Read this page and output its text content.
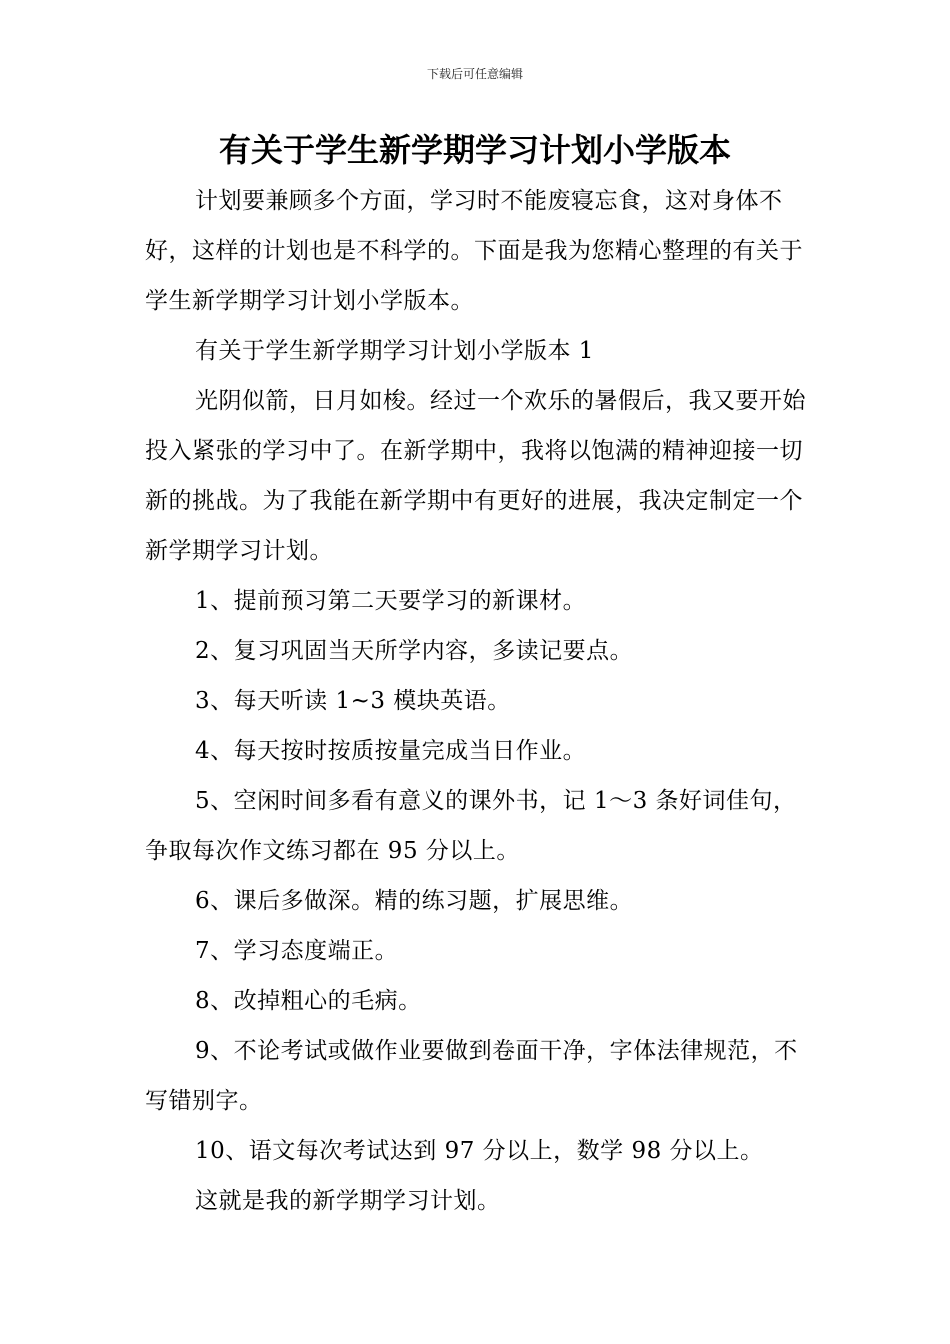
下载后可任意编辑
有关于学生新学期学习计划小学版本

计划要兼顾多个方面，学习时不能废寝忘食，这对身体不好，这样的计划也是不科学的。下面是我为您精心整理的有关于学生新学期学习计划小学版本。

有关于学生新学期学习计划小学版本 1

光阴似箭，日月如梭。经过一个欢乐的暑假后，我又要开始投入紧张的学习中了。在新学期中，我将以饱满的精神迎接一切新的挑战。为了我能在新学期中有更好的进展，我决定制定一个新学期学习计划。

1、提前预习第二天要学习的新课材。

2、复习巩固当天所学内容，多读记要点。

3、每天听读 1~3 模块英语。

4、每天按时按质按量完成当日作业。

5、空闲时间多看有意义的课外书，记 1～3 条好词佳句，争取每次作文练习都在 95 分以上。

6、课后多做深。精的练习题，扩展思维。

7、学习态度端正。

8、改掉粗心的毛病。

9、不论考试或做作业要做到卷面干净，字体法律规范，不写错别字。

10、语文每次考试达到 97 分以上，数学 98 分以上。

这就是我的新学期学习计划。
